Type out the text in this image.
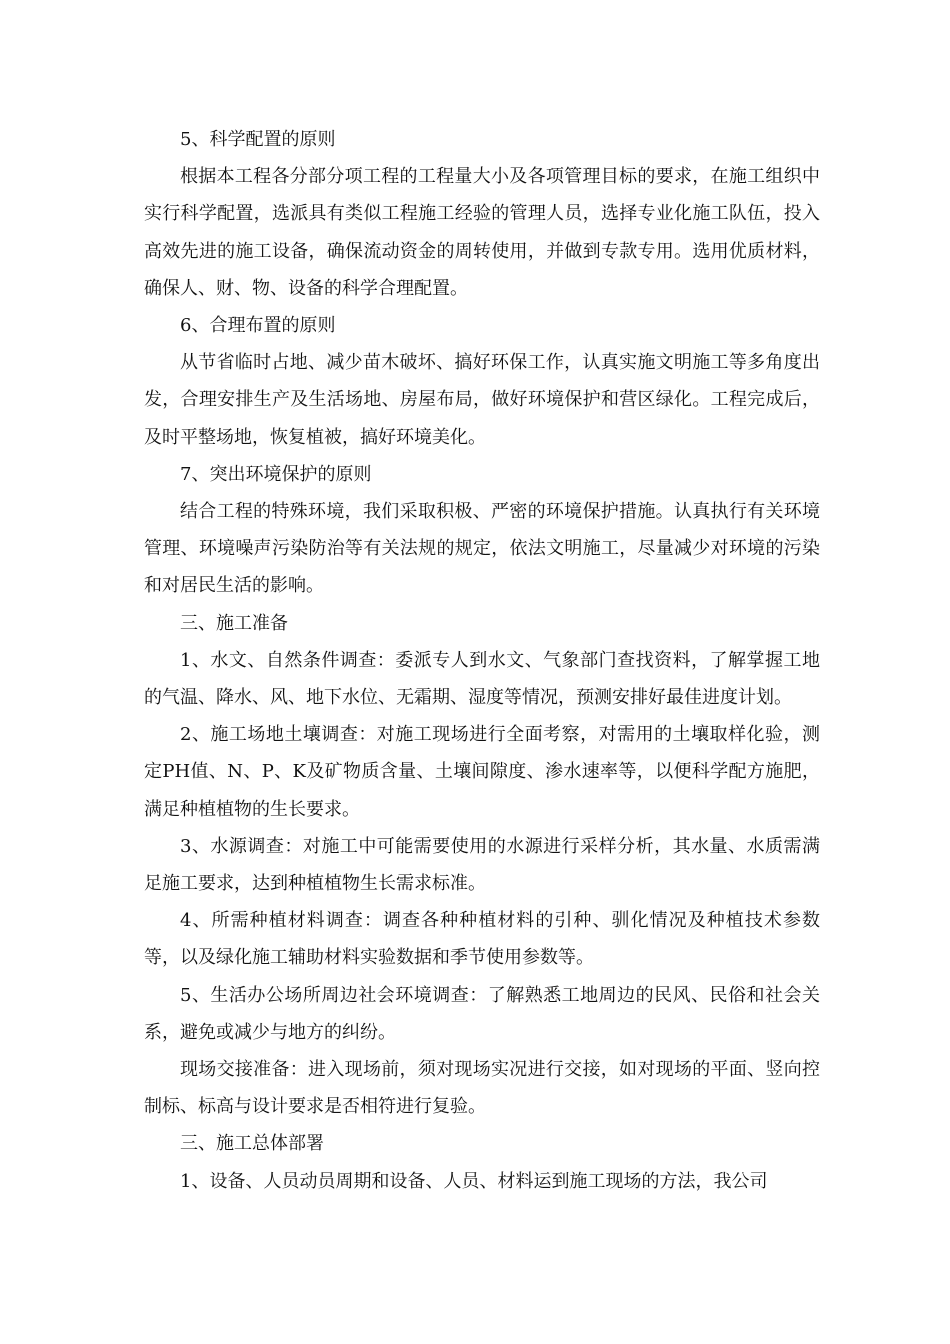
5、科学配置的原则

根据本工程各分部分项工程的工程量大小及各项管理目标的要求，在施工组织中实行科学配置，选派具有类似工程施工经验的管理人员，选择专业化施工队伍，投入高效先进的施工设备，确保流动资金的周转使用，并做到专款专用。选用优质材料，确保人、财、物、设备的科学合理配置。

6、合理布置的原则

从节省临时占地、减少苗木破坏、搞好环保工作，认真实施文明施工等多角度出发，合理安排生产及生活场地、房屋布局，做好环境保护和营区绿化。工程完成后，及时平整场地，恢复植被，搞好环境美化。

7、突出环境保护的原则

结合工程的特殊环境，我们采取积极、严密的环境保护措施。认真执行有关环境管理、环境噪声污染防治等有关法规的规定，依法文明施工，尽量减少对环境的污染和对居民生活的影响。

三、施工准备

1、水文、自然条件调查：委派专人到水文、气象部门查找资料，了解掌握工地的气温、降水、风、地下水位、无霜期、湿度等情况，预测安排好最佳进度计划。

2、施工场地土壤调查：对施工现场进行全面考察，对需用的土壤取样化验，测定PH值、N、P、K及矿物质含量、土壤间隙度、渗水速率等，以便科学配方施肥，满足种植植物的生长要求。

3、水源调查：对施工中可能需要使用的水源进行采样分析，其水量、水质需满足施工要求，达到种植植物生长需求标准。

4、所需种植材料调查：调查各种种植材料的引种、驯化情况及种植技术参数等，以及绿化施工辅助材料实验数据和季节使用参数等。

5、生活办公场所周边社会环境调查：了解熟悉工地周边的民风、民俗和社会关系，避免或减少与地方的纠纷。

现场交接准备：进入现场前，须对现场实况进行交接，如对现场的平面、竖向控制标、标高与设计要求是否相符进行复验。

三、施工总体部署

1、设备、人员动员周期和设备、人员、材料运到施工现场的方法，我公司
